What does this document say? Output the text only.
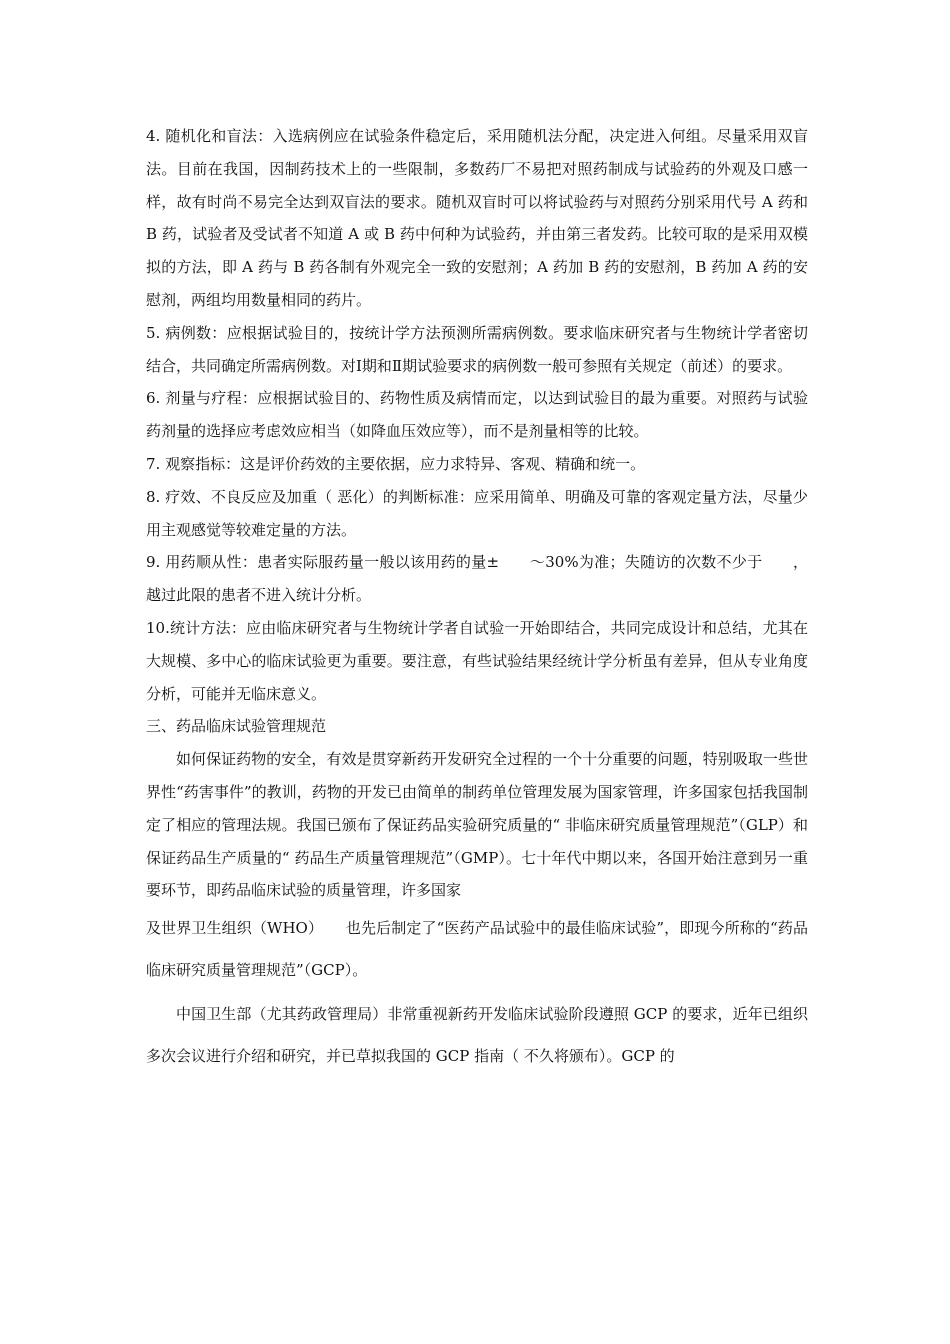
4. 随机化和盲法：入选病例应在试验条件稳定后，采用随机法分配，决定进入何组。尽量采用双盲法。目前在我国，因制药技术上的一些限制，多数药厂不易把对照药制成与试验药的外观及口感一样，故有时尚不易完全达到双盲法的要求。随机双盲时可以将试验药与对照药分别采用代号 A 药和 B 药，试验者及受试者不知道 A 或 B 药中何种为试验药，并由第三者发药。比较可取的是采用双模拟的方法，即 A 药与 B 药各制有外观完全一致的安慰剂；A 药加 B 药的安慰剂，B 药加 A 药的安慰剂，两组均用数量相同的药片。

5. 病例数：应根据试验目的，按统计学方法预测所需病例数。要求临床研究者与生物统计学者密切结合，共同确定所需病例数。对Ⅰ期和Ⅱ期试验要求的病例数一般可参照有关规定（前述）的要求。

6. 剂量与疗程：应根据试验目的、药物性质及病情而定，以达到试验目的最为重要。对照药与试验药剂量的选择应考虑效应相当（如降血压效应等），而不是剂量相等的比较。

7. 观察指标：这是评价药效的主要依据，应力求特异、客观、精确和统一。

8. 疗效、不良反应及加重（ 恶化）的判断标准：应采用简单、明确及可靠的客观定量方法，尽量少用主观感觉等较难定量的方法。

9. 用药顺从性：患者实际服药量一般以该用药的量±　　～30%为准；失随访的次数不少于　　，越过此限的患者不进入统计分析。

10.统计方法：应由临床研究者与生物统计学者自试验一开始即结合，共同完成设计和总结，尤其在大规模、多中心的临床试验更为重要。要注意，有些试验结果经统计学分析虽有差异，但从专业角度分析，可能并无临床意义。

三、药品临床试验管理规范

如何保证药物的安全，有效是贯穿新药开发研究全过程的一个十分重要的问题，特别吸取一些世界性“药害事件”的教训，药物的开发已由简单的制药单位管理发展为国家管理，许多国家包括我国制定了相应的管理法规。我国已颁布了保证药品实验研究质量的“ 非临床研究质量管理规范”（GLP）和保证药品生产质量的“ 药品生产质量管理规范”（GMP）。七十年代中期以来，各国开始注意到另一重要环节，即药品临床试验的质量管理，许多国家

及世界卫生组织（WHO）　　也先后制定了“医药产品试验中的最佳临床试验”，即现今所称的“药品临床研究质量管理规范”（GCP）。

中国卫生部（尤其药政管理局）非常重视新药开发临床试验阶段遵照 GCP 的要求，近年已组织多次会议进行介绍和研究，并已草拟我国的 GCP 指南（ 不久将颁布）。GCP 的
